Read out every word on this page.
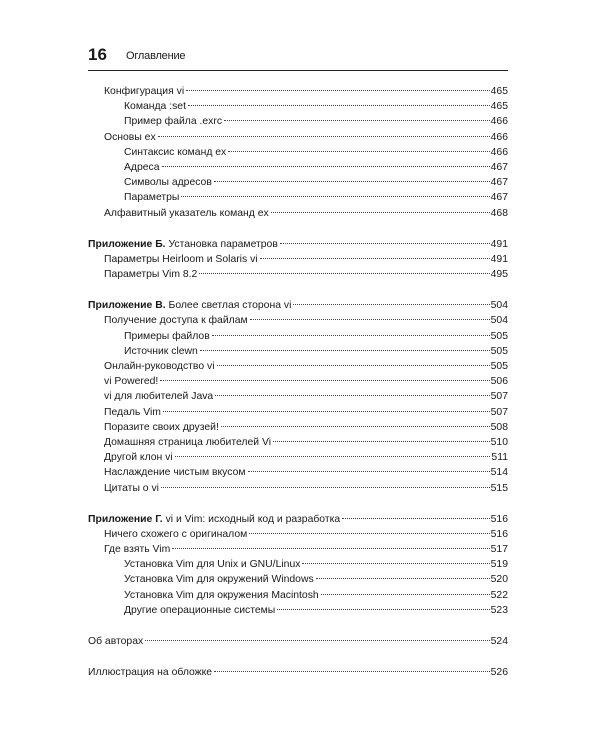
16 Оглавление
Конфигурация vi	465
Команда :set	465
Пример файла .exrc	466
Основы ex	466
Синтаксис команд ex	466
Адреса	467
Символы адресов	467
Параметры	467
Алфавитный указатель команд ex	468
Приложение Б. Установка параметров	491
Параметры Heirloom и Solaris vi	491
Параметры Vim 8.2	495
Приложение В. Более светлая сторона vi	504
Получение доступа к файлам	504
Примеры файлов	505
Источник clewn	505
Онлайн-руководство vi	505
vi Powered!	506
vi для любителей Java	507
Педаль Vim	507
Поразите своих друзей!	508
Домашняя страница любителей Vi	510
Другой клон vi	511
Наслаждение чистым вкусом	514
Цитаты о vi	515
Приложение Г. vi и Vim: исходный код и разработка	516
Ничего схожего с оригиналом	516
Где взять Vim	517
Установка Vim для Unix и GNU/Linux	519
Установка Vim для окружений Windows	520
Установка Vim для окружения Macintosh	522
Другие операционные системы	523
Об авторах	524
Иллюстрация на обложке	526
